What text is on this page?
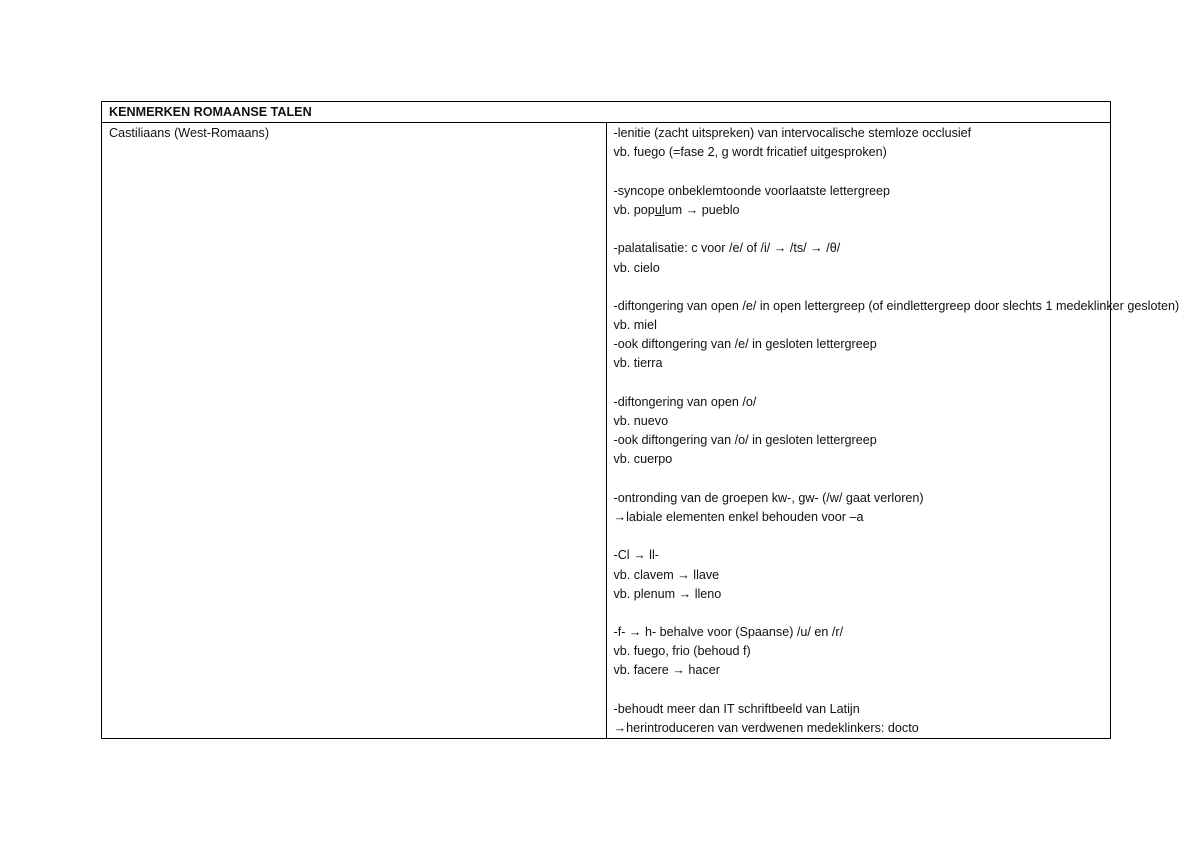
KENMERKEN ROMAANSE TALEN

Castiliaans (West-Romaans)	-lenitie (zacht uitspreken) van intervocalische stemloze occlusief
vb. fuego (=fase 2, g wordt fricatief uitgesproken)
-syncope onbeklemtoonde voorlaatste lettergreep
vb. populum → pueblo
-palatalisatie: c voor /e/ of /i/ → /ts/ → /θ/
vb. cielo
-diftongering van open /e/ in open lettergreep (of eindlettergreep door slechts 1 medeklinker gesloten)
vb. miel
-ook diftongering van /e/ in gesloten lettergreep
vb. tierra
-diftongering van open /o/
vb. nuevo
-ook diftongering van /o/ in gesloten lettergreep
vb. cuerpo
-ontronding van de groepen kw-, gw- (/w/ gaat verloren)
→labiale elementen enkel behouden voor –a
-Cl → ll-
vb. clavem → llave
vb. plenum → lleno
-f- → h- behalve voor (Spaanse) /u/ en /r/
vb. fuego, frio (behoud f)
vb. facere → hacer
-behoudt meer dan IT schriftbeeld van Latijn
→herintroduceren van verdwenen medeklinkers: docto
